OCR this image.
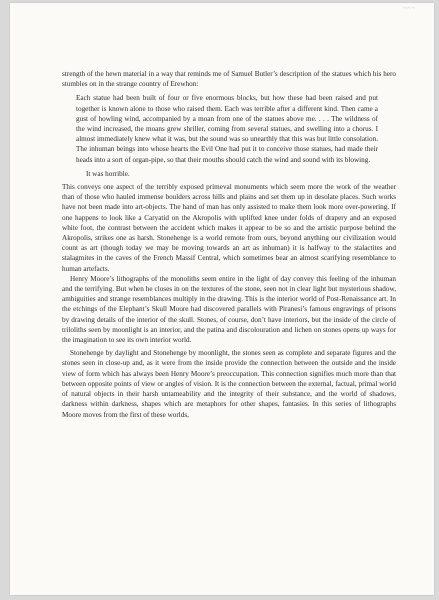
~~~

strength of the hewn material in a way that reminds me of Samuel Butler’s description of the statues which his hero stumbles on in the strange country of Erewhon:

Each statue had been built of four or five enormous blocks, but how these had been raised and put together is known alone to those who raised them. Each was terrible after a different kind. Then came a gust of howling wind, accompanied by a moan from one of the statues above me. . . . The wildness of the wind increased, the moans grew shriller, coming from several statues, and swelling into a chorus. I almost immediately knew what it was, but the sound was so unearthly that this was but little consolation. The inhuman beings into whose hearts the Evil One had put it to conceive those statues, had made their heads into a sort of organ-pipe, so that their mouths should catch the wind and sound with its blowing.

It was horrible.

This conveys one aspect of the terribly exposed primeval monuments which seem more the work of the weather than of those who hauled immense boulders across hills and plains and set them up in desolate places. Such works have not been made into art-objects. The hand of man has only assisted to make them look more over-powering. If one happens to look like a Caryatid on the Akropolis with uplifted knee under folds of drapery and an exposed white foot, the contrast between the accident which makes it appear to be so and the artistic purpose behind the Akropolis, strikes one as harsh. Stonehenge is a world remote from ours, beyond anything our civilization would count as art (though today we may be moving towards an art as inhuman) it is halfway to the stalactites and stalagmites in the caves of the French Massif Central, which sometimes bear an almost scarifying resemblance to human artefacts.

Henry Moore’s lithographs of the monoliths seem entire in the light of day convey this feeling of the inhuman and the terrifying. But when he closes in on the textures of the stone, seen not in clear light but mysterious shadow, ambiguities and strange resemblances multiply in the drawing. This is the interior world of Post-Renaissance art. In the etchings of the Elephant’s Skull Moore had discovered parallels with Piranesi’s famous engravings of prisons by drawing details of the interior of the skull. Stones, of course, don’t have interiors, but the inside of the circle of triloliths seen by moonlight is an interior, and the patina and discolouration and lichen on stones opens up ways for the imagination to see its own interior world.

Stonehenge by daylight and Stonehenge by moonlight, the stones seen as complete and separate figures and the stones seen in close-up and, as it were from the inside provide the connection between the outside and the inside view of form which has always been Henry Moore’s preoccupation. This connection signifies much more than that between opposite points of view or angles of vision. It is the connection between the external, factual, primal world of natural objects in their harsh untameability and the integrity of their substance, and the world of shadows, darkness within darkness, shapes which are metaphors for other shapes, fantasies. In this series of lithographs Moore moves from the first of these worlds,
